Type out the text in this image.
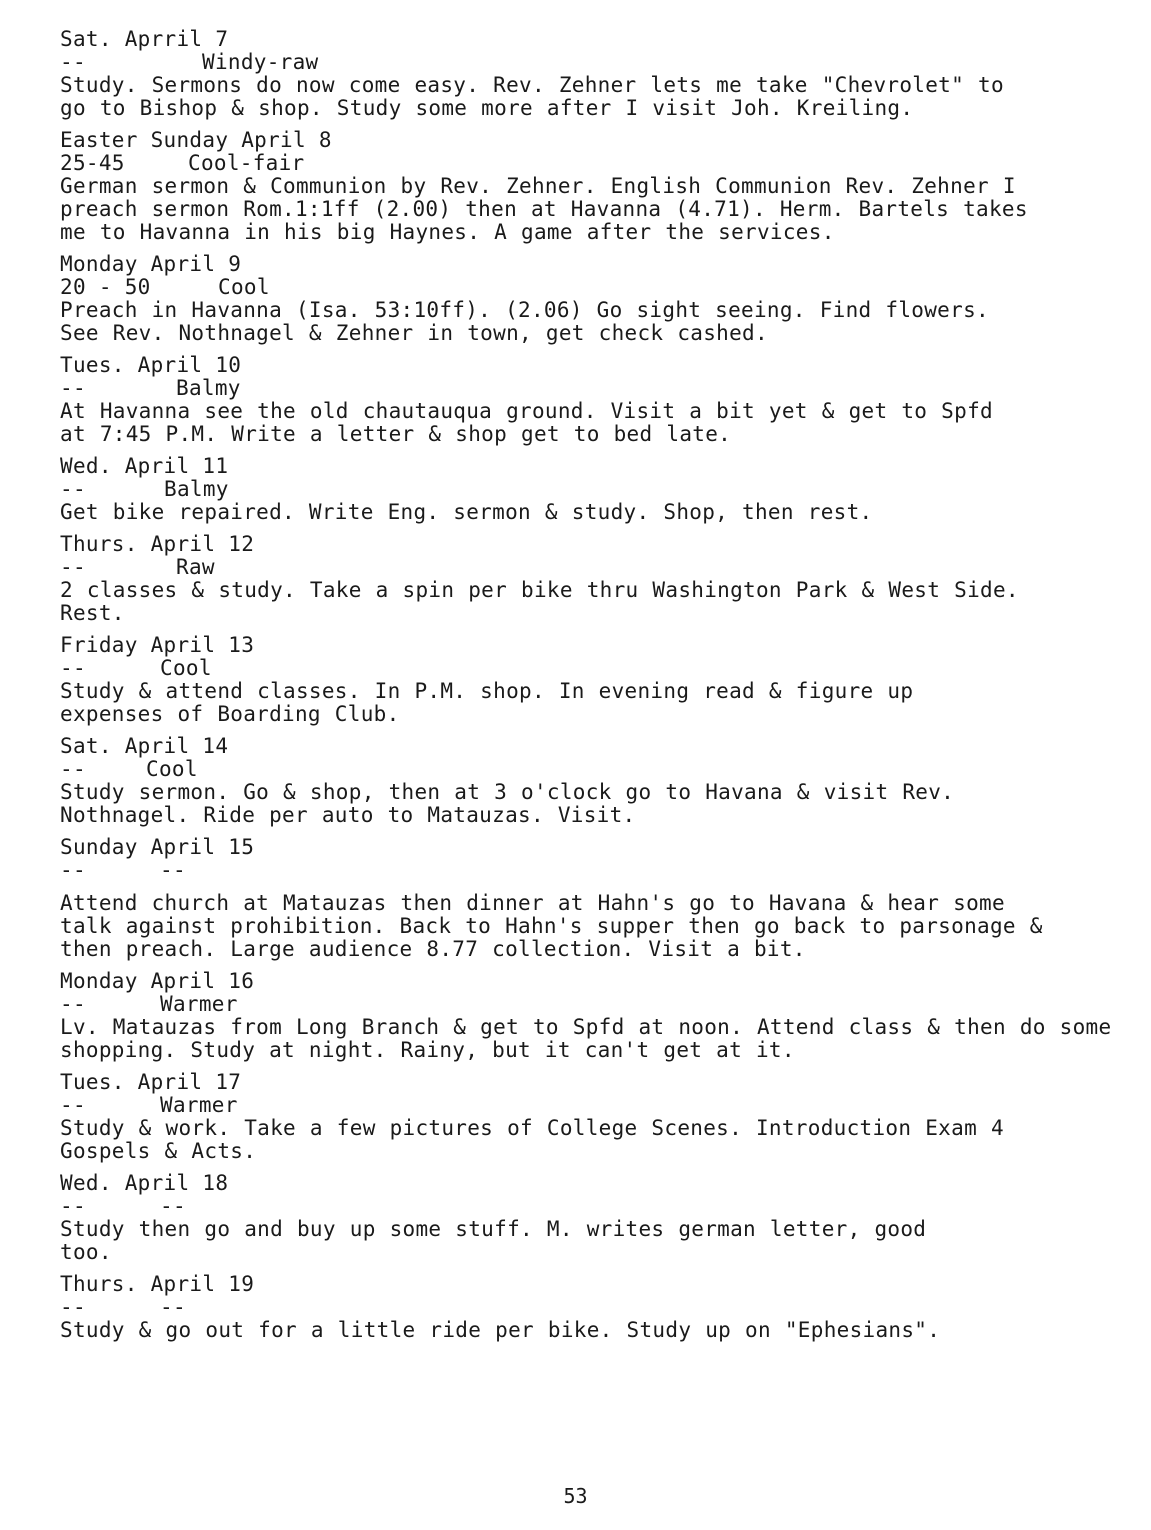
Sat. Aprril 7
--	Windy-raw
Study. Sermons do now come easy. Rev. Zehner lets me take "Chevrolet" to go to Bishop & shop. Study some more after I visit Joh. Kreiling.
Easter Sunday April 8
25-45	Cool-fair
German sermon & Communion by Rev. Zehner. English Communion Rev. Zehner I preach sermon Rom.1:1ff (2.00) then at Havanna (4.71). Herm. Bartels takes me to Havanna in his big Haynes. A game after the services.
Monday April 9
20 - 50	Cool
Preach in Havanna (Isa. 53:10ff). (2.06) Go sight seeing. Find flowers. See Rev. Nothnagel & Zehner in town, get check cashed.
Tues. April 10
--	Balmy
At Havanna see the old chautauqua ground. Visit a bit yet & get to Spfd at 7:45 P.M. Write a letter & shop get to bed late.
Wed. April 11
--	Balmy
Get bike repaired. Write Eng. sermon & study. Shop, then rest.
Thurs. April 12
--	Raw
2 classes & study. Take a spin per bike thru Washington Park & West Side. Rest.
Friday April 13
--	Cool
Study & attend classes. In P.M. shop. In evening read & figure up expenses of Boarding Club.
Sat. April 14
--	Cool
Study sermon. Go & shop, then at 3 o'clock go to Havana & visit Rev. Nothnagel. Ride per auto to Matauzas. Visit.
Sunday April 15
--	--
Attend church at Matauzas then dinner at Hahn's go to Havana & hear some talk against prohibition. Back to Hahn's supper then go back to parsonage & then preach. Large audience 8.77 collection. Visit a bit.
Monday April 16
--	Warmer
Lv. Matauzas from Long Branch & get to Spfd at noon. Attend class & then do some shopping. Study at night. Rainy, but it can't get at it.
Tues. April 17
--	Warmer
Study & work. Take a few pictures of College Scenes. Introduction Exam 4 Gospels & Acts.
Wed. April 18
--	--
Study then go and buy up some stuff. M. writes german letter, good too.
Thurs. April 19
--	--
Study & go out for a little ride per bike. Study up on "Ephesians".
53
